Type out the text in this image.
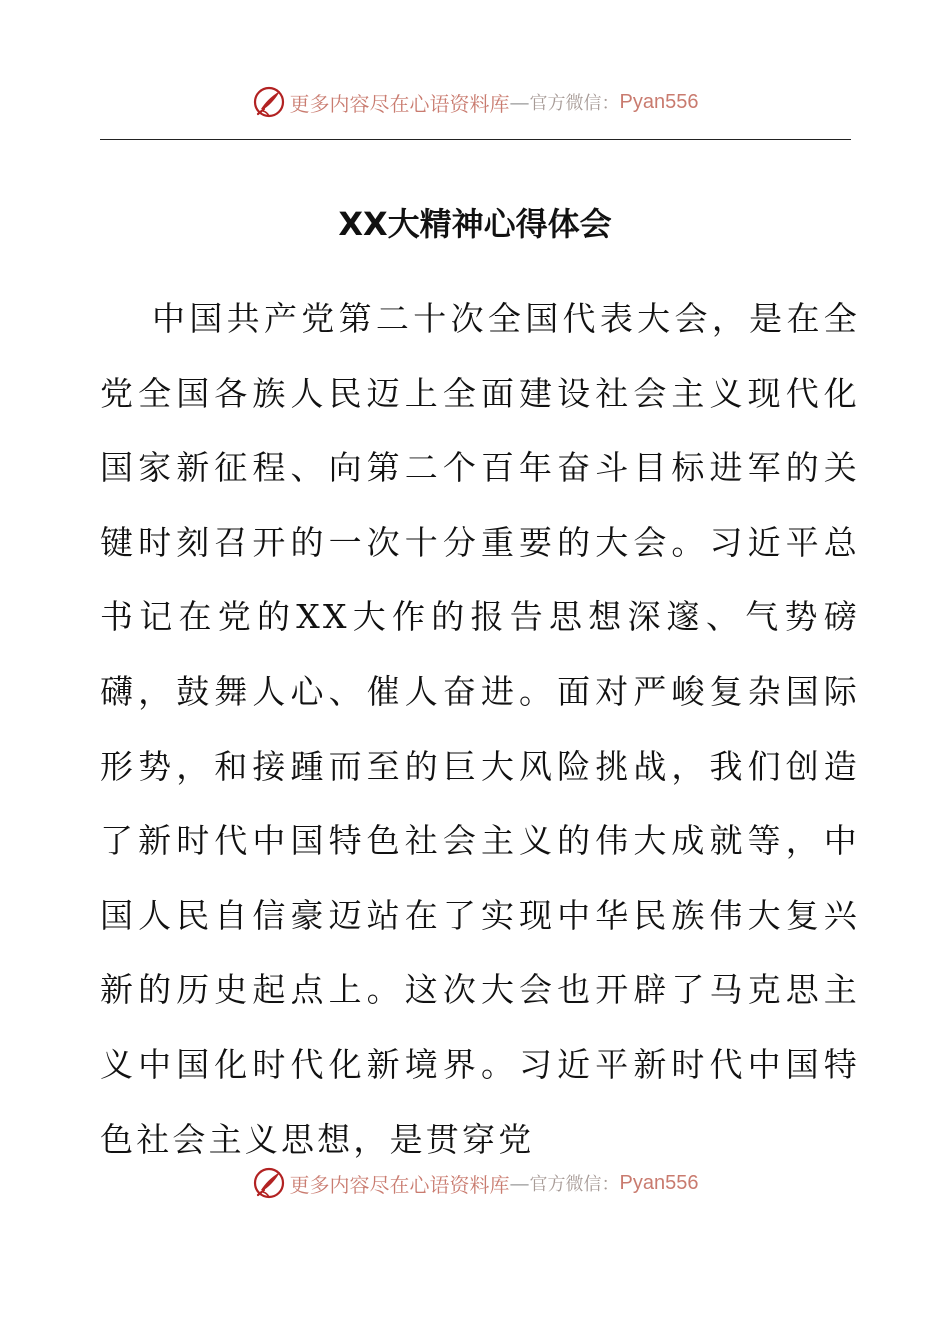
更多内容尽在心语资料库 — 官方微信： Pyan556
XX大精神心得体会

中国共产党第二十次全国代表大会，是在全党全国各族人民迈上全面建设社会主义现代化国家新征程、向第二个百年奋斗目标进军的关键时刻召开的一次十分重要的大会。习近平总书记在党的XX大作的报告思想深邃、气势磅礴，鼓舞人心、催人奋进。面对严峻复杂国际形势，和接踵而至的巨大风险挑战，我们创造了新时代中国特色社会主义的伟大成就等，中国人民自信豪迈站在了实现中华民族伟大复兴新的历史起点上。这次大会也开辟了马克思主义中国化时代化新境界。习近平新时代中国特色社会主义思想，是贯穿党

更多内容尽在心语资料库 — 官方微信： Pyan556
